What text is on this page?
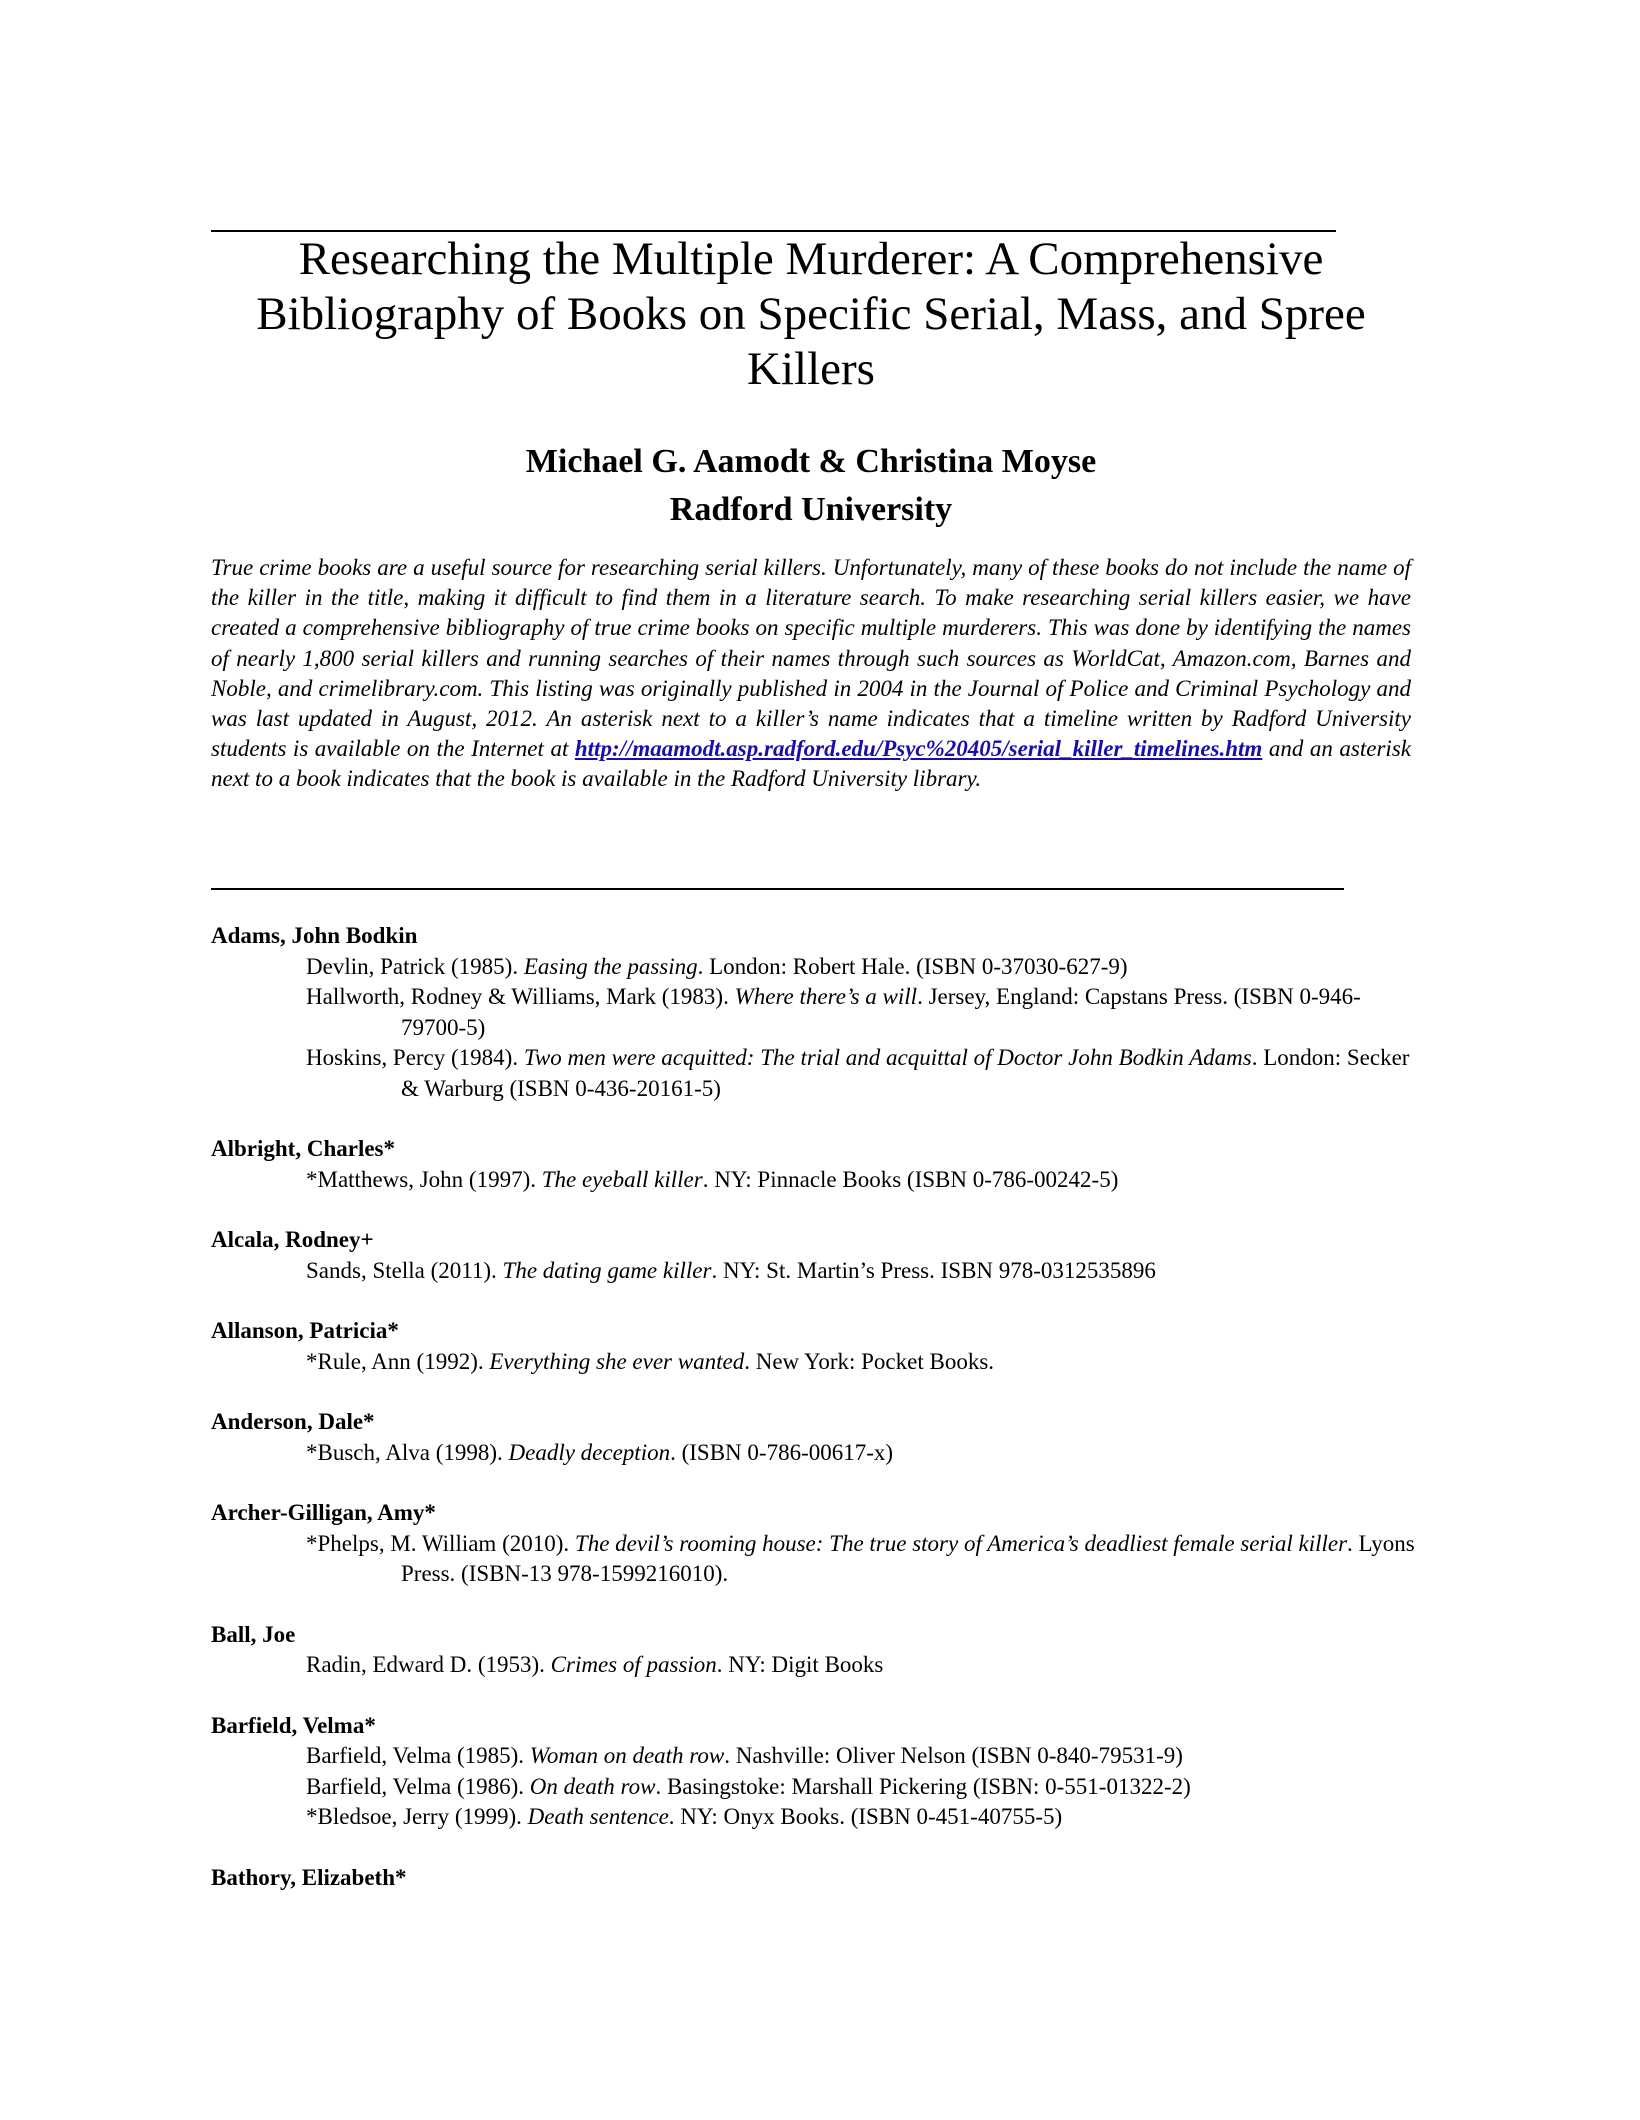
Researching the Multiple Murderer: A Comprehensive
Bibliography of Books on Specific Serial, Mass, and Spree
Killers
Michael G. Aamodt & Christina Moyse
Radford University
True crime books are a useful source for researching serial killers. Unfortunately, many of these books do not include the name of the killer in the title, making it difficult to find them in a literature search. To make researching serial killers easier, we have created a comprehensive bibliography of true crime books on specific multiple murderers. This was done by identifying the names of nearly 1,800 serial killers and running searches of their names through such sources as WorldCat, Amazon.com, Barnes and Noble, and crimelibrary.com. This listing was originally published in 2004 in the Journal of Police and Criminal Psychology and was last updated in August, 2012. An asterisk next to a killer’s name indicates that a timeline written by Radford University students is available on the Internet at http://maamodt.asp.radford.edu/Psyc%20405/serial_killer_timelines.htm and an asterisk next to a book indicates that the book is available in the Radford University library.
Adams, John Bodkin
Devlin, Patrick (1985). Easing the passing. London: Robert Hale. (ISBN 0-37030-627-9)
Hallworth, Rodney & Williams, Mark (1983). Where there’s a will. Jersey, England: Capstans Press. (ISBN 0-946-79700-5)
Hoskins, Percy (1984). Two men were acquitted: The trial and acquittal of Doctor John Bodkin Adams. London: Secker & Warburg (ISBN 0-436-20161-5)
Albright, Charles*
*Matthews, John (1997). The eyeball killer. NY: Pinnacle Books (ISBN 0-786-00242-5)
Alcala, Rodney+
Sands, Stella (2011). The dating game killer. NY: St. Martin’s Press. ISBN 978-0312535896
Allanson, Patricia*
*Rule, Ann (1992). Everything she ever wanted. New York: Pocket Books.
Anderson, Dale*
*Busch, Alva (1998). Deadly deception. (ISBN 0-786-00617-x)
Archer-Gilligan, Amy*
*Phelps, M. William (2010). The devil’s rooming house: The true story of America’s deadliest female serial killer. Lyons Press. (ISBN-13 978-1599216010).
Ball, Joe
Radin, Edward D. (1953). Crimes of passion. NY: Digit Books
Barfield, Velma*
Barfield, Velma (1985). Woman on death row. Nashville: Oliver Nelson (ISBN 0-840-79531-9)
Barfield, Velma (1986). On death row. Basingstoke: Marshall Pickering (ISBN: 0-551-01322-2)
*Bledsoe, Jerry (1999). Death sentence. NY: Onyx Books. (ISBN 0-451-40755-5)
Bathory, Elizabeth*
